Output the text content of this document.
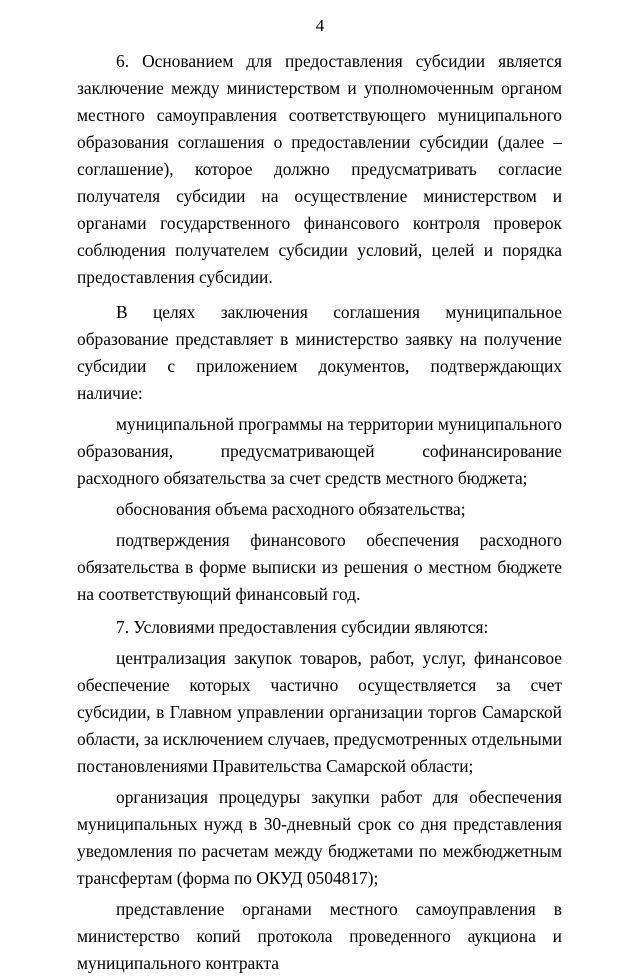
4

6. Основанием для предоставления субсидии является заключение между министерством и уполномоченным органом местного самоуправления соответствующего муниципального образования соглашения о предоставлении субсидии (далее – соглашение), которое должно предусматривать согласие получателя субсидии на осуществление министерством и органами государственного финансового контроля проверок соблюдения получателем субсидии условий, целей и порядка предоставления субсидии.

В целях заключения соглашения муниципальное образование представляет в министерство заявку на получение субсидии с приложением документов, подтверждающих наличие:

муниципальной программы на территории муниципального образования, предусматривающей софинансирование расходного обязательства за счет средств местного бюджета;

обоснования объема расходного обязательства;

подтверждения финансового обеспечения расходного обязательства в форме выписки из решения о местном бюджете на соответствующий финансовый год.

7. Условиями предоставления субсидии являются:

централизация закупок товаров, работ, услуг, финансовое обеспечение которых частично осуществляется за счет субсидии, в Главном управлении организации торгов Самарской области, за исключением случаев, предусмотренных отдельными постановлениями Правительства Самарской области;

организация процедуры закупки работ для обеспечения муниципальных нужд в 30-дневный срок со дня представления уведомления по расчетам между бюджетами по межбюджетным трансфертам (форма по ОКУД 0504817);

представление органами местного самоуправления в министерство копий протокола проведенного аукциона и муниципального контракта
